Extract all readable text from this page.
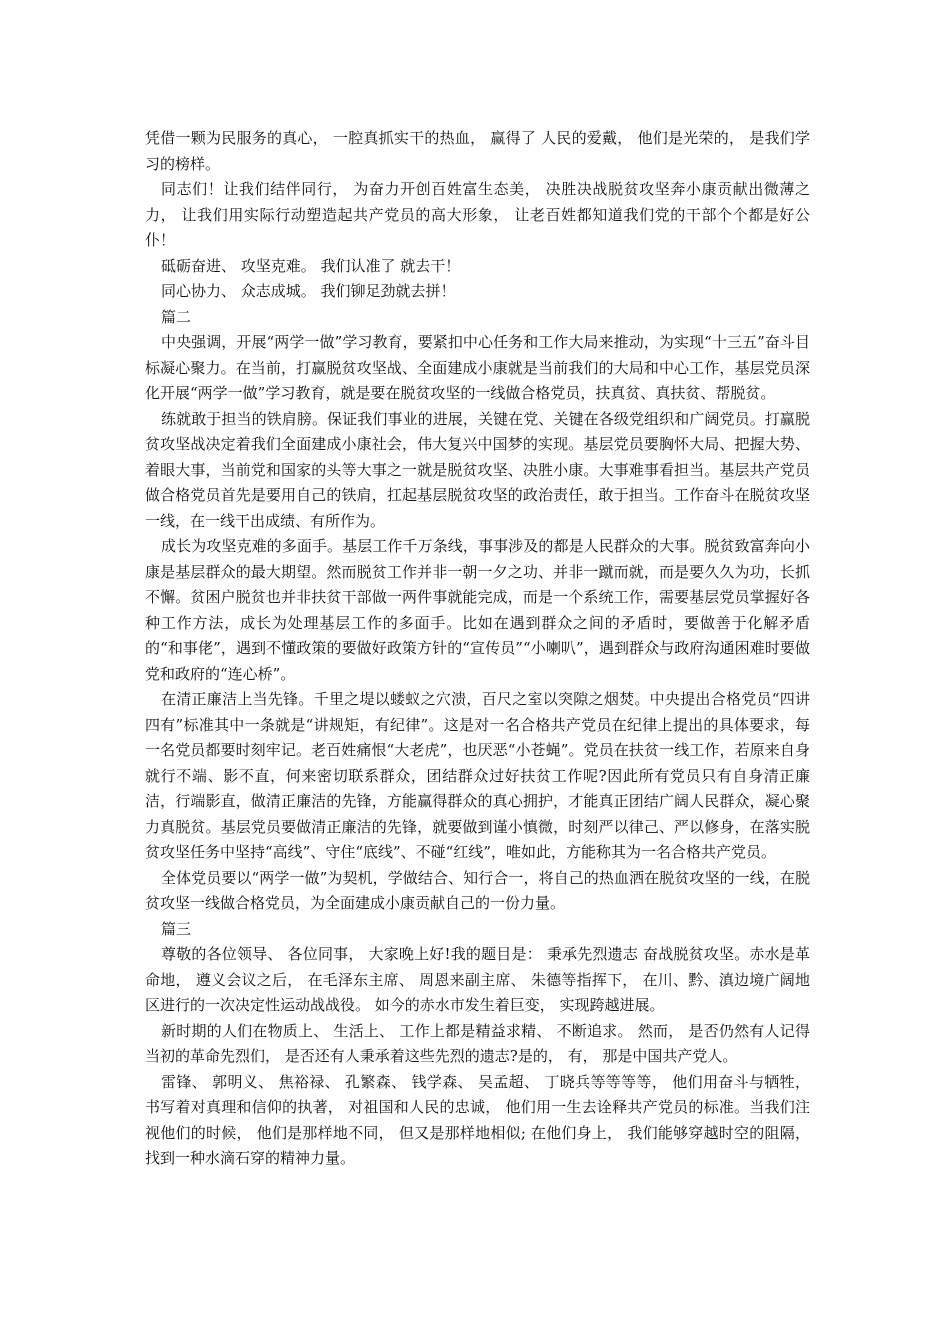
凭借一颗为民服务的真心， 一腔真抓实干的热血， 赢得了 人民的爱戴， 他们是光荣的， 是我们学习的榜样。

同志们！让我们结伴同行， 为奋力开创百姓富生态美， 决胜决战脱贫攻坚奔小康贡献出微薄之力， 让我们用实际行动塑造起共产党员的高大形象， 让老百姓都知道我们党的干部个个都是好公仆！

砥砺奋进、 攻坚克难。 我们认准了 就去干！

同心协力、 众志成城。 我们铆足劲就去拼！

篇二

中央强调，开展“两学一做”学习教育，要紧扣中心任务和工作大局来推动，为实现“十三五”奋斗目标凝心聚力。在当前，打赢脱贫攻坚战、全面建成小康就是当前我们的大局和中心工作，基层党员深化开展“两学一做”学习教育，就是要在脱贫攻坚的一线做合格党员，扶真贫、真扶贫、帮脱贫。

练就敢于担当的铁肩膀。保证我们事业的进展，关键在党、关键在各级党组织和广阔党员。打赢脱贫攻坚战决定着我们全面建成小康社会，伟大复兴中国梦的实现。基层党员要胸怀大局、把握大势、着眼大事，当前党和国家的头等大事之一就是脱贫攻坚、决胜小康。大事难事看担当。基层共产党员做合格党员首先是要用自己的铁肩，扛起基层脱贫攻坚的政治责任，敢于担当。工作奋斗在脱贫攻坚一线，在一线干出成绩、有所作为。

成长为攻坚克难的多面手。基层工作千万条线，事事涉及的都是人民群众的大事。脱贫致富奔向小康是基层群众的最大期望。然而脱贫工作并非一朝一夕之功、并非一蹴而就，而是要久久为功，长抓不懈。贫困户脱贫也并非扶贫干部做一两件事就能完成，而是一个系统工作，需要基层党员掌握好各种工作方法，成长为处理基层工作的多面手。比如在遇到群众之间的矛盾时，要做善于化解矛盾的“和事佬”，遇到不懂政策的要做好政策方针的“宣传员”“小喇叭”，遇到群众与政府沟通困难时要做党和政府的“连心桥”。

在清正廉洁上当先锋。千里之堤以蝼蚁之穴溃，百尺之室以突隙之烟焚。中央提出合格党员“四讲四有”标准其中一条就是“讲规矩，有纪律”。这是对一名合格共产党员在纪律上提出的具体要求，每一名党员都要时刻牢记。老百姓痛恨“大老虎”，也厌恶“小苍蝇”。党员在扶贫一线工作，若原来自身就行不端、影不直，何来密切联系群众，团结群众过好扶贫工作呢?因此所有党员只有自身清正廉洁，行端影直，做清正廉洁的先锋，方能赢得群众的真心拥护，才能真正团结广阔人民群众，凝心聚力真脱贫。基层党员要做清正廉洁的先锋，就要做到谨小慎微，时刻严以律己、严以修身，在落实脱贫攻坚任务中坚持“高线”、守住“底线”、不碰“红线”，唯如此，方能称其为一名合格共产党员。

全体党员要以“两学一做”为契机，学做结合、知行合一，将自己的热血洒在脱贫攻坚的一线，在脱贫攻坚一线做合格党员，为全面建成小康贡献自己的一份力量。

篇三

尊敬的各位领导、 各位同事， 大家晚上好!我的题目是： 秉承先烈遗志 奋战脱贫攻坚。赤水是革命地， 遵义会议之后， 在毛泽东主席、 周恩来副主席、 朱德等指挥下， 在川、黔、滇边境广阔地区进行的一次决定性运动战战役。 如今的赤水市发生着巨变， 实现跨越进展。

新时期的人们在物质上、 生活上、 工作上都是精益求精、 不断追求。 然而， 是否仍然有人记得当初的革命先烈们， 是否还有人秉承着这些先烈的遗志?是的， 有， 那是中国共产党人。

雷锋、 郭明义、 焦裕禄、 孔繁森、 钱学森、 吴孟超、 丁晓兵等等等等， 他们用奋斗与牺牲， 书写着对真理和信仰的执著， 对祖国和人民的忠诚， 他们用一生去诠释共产党员的标准。当我们注视他们的时候， 他们是那样地不同， 但又是那样地相似; 在他们身上， 我们能够穿越时空的阻隔， 找到一种水滴石穿的精神力量。
